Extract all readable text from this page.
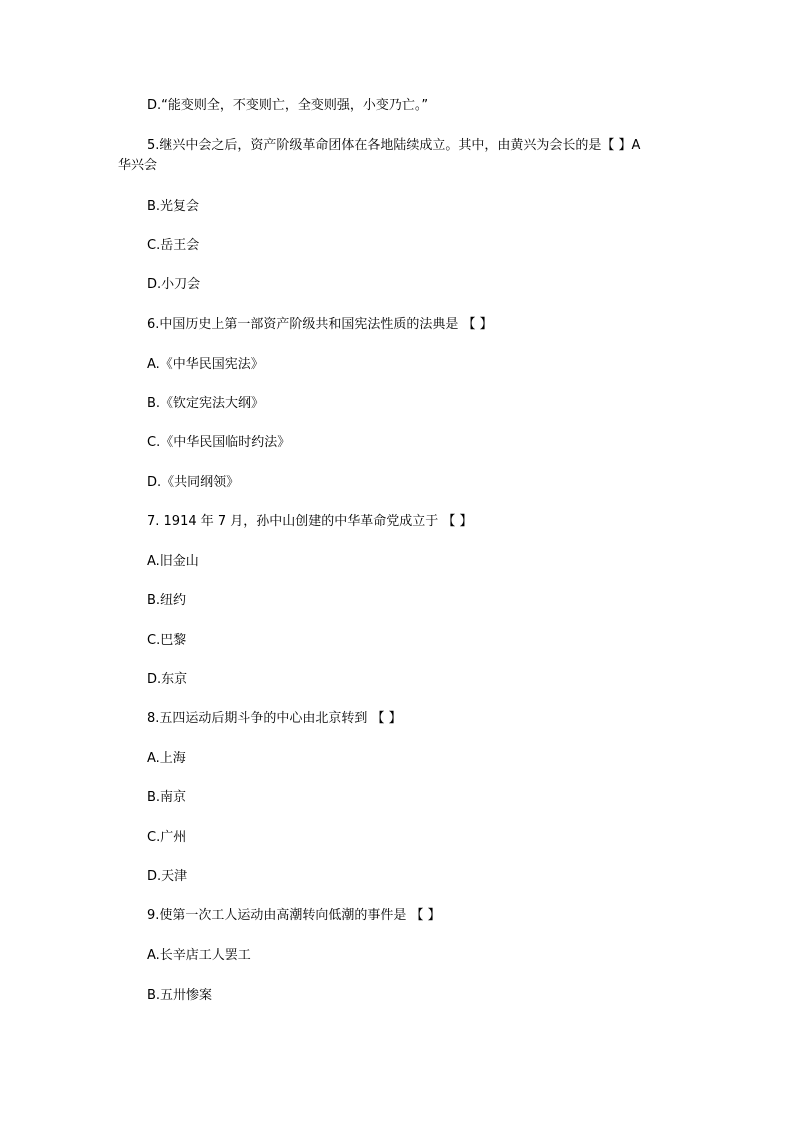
D.“能变则全，不变则亡，全变则强，小变乃亡。”
5.继兴中会之后，资产阶级革命团体在各地陆续成立。其中，由黄兴为会长的是【 】A
华兴会
B.光复会
C.岳王会
D.小刀会
6.中国历史上第一部资产阶级共和国宪法性质的法典是 【 】
A.《中华民国宪法》
B.《钦定宪法大纲》
C.《中华民国临时约法》
D.《共同纲领》
7. 1914 年 7 月，孙中山创建的中华革命党成立于 【 】
A.旧金山
B.纽约
C.巴黎
D.东京
8.五四运动后期斗争的中心由北京转到 【 】
A.上海
B.南京
C.广州
D.天津
9.使第一次工人运动由高潮转向低潮的事件是 【 】
A.长辛店工人罢工
B.五卅惨案
